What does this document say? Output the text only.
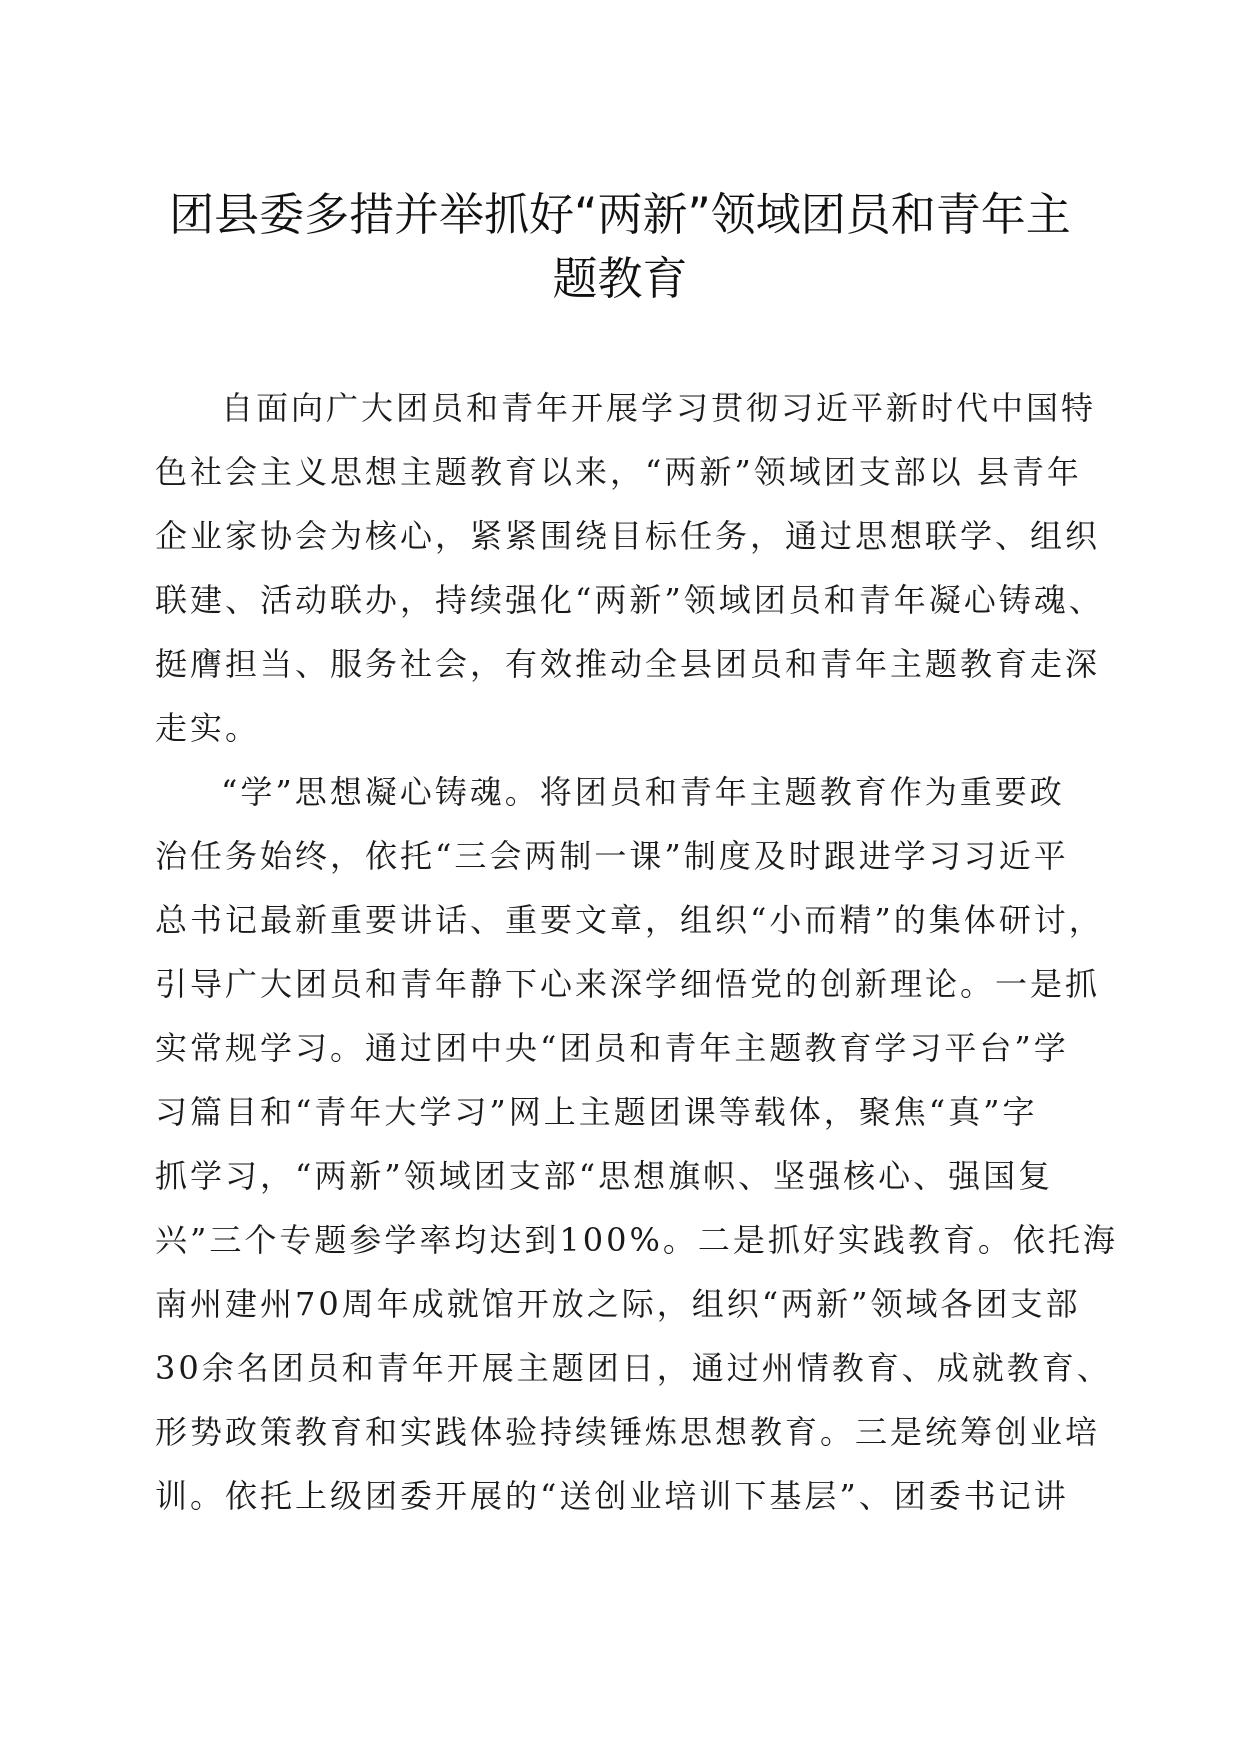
团县委多措并举抓好“两新”领域团员和青年主
题教育
自面向广大团员和青年开展学习贯彻习近平新时代中国特
色社会主义思想主题教育以来，“两新”领域团支部以 县青年
企业家协会为核心，紧紧围绕目标任务，通过思想联学、组织
联建、活动联办，持续强化“两新”领域团员和青年凝心铸魂、
挺膺担当、服务社会，有效推动全县团员和青年主题教育走深
走实。
“学”思想凝心铸魂。将团员和青年主题教育作为重要政
治任务始终，依托“三会两制一课”制度及时跟进学习习近平
总书记最新重要讲话、重要文章，组织“小而精”的集体研讨，
引导广大团员和青年静下心来深学细悟党的创新理论。一是抓
实常规学习。通过团中央“团员和青年主题教育学习平台”学
习篇目和“青年大学习”网上主题团课等载体，聚焦“真”字
抓学习，“两新”领域团支部“思想旗帜、坚强核心、强国复
兴”三个专题参学率均达到100%。二是抓好实践教育。依托海
南州建州70周年成就馆开放之际，组织“两新”领域各团支部
30余名团员和青年开展主题团日，通过州情教育、成就教育、
形势政策教育和实践体验持续锤炼思想教育。三是统筹创业培
训。依托上级团委开展的“送创业培训下基层”、团委书记讲
